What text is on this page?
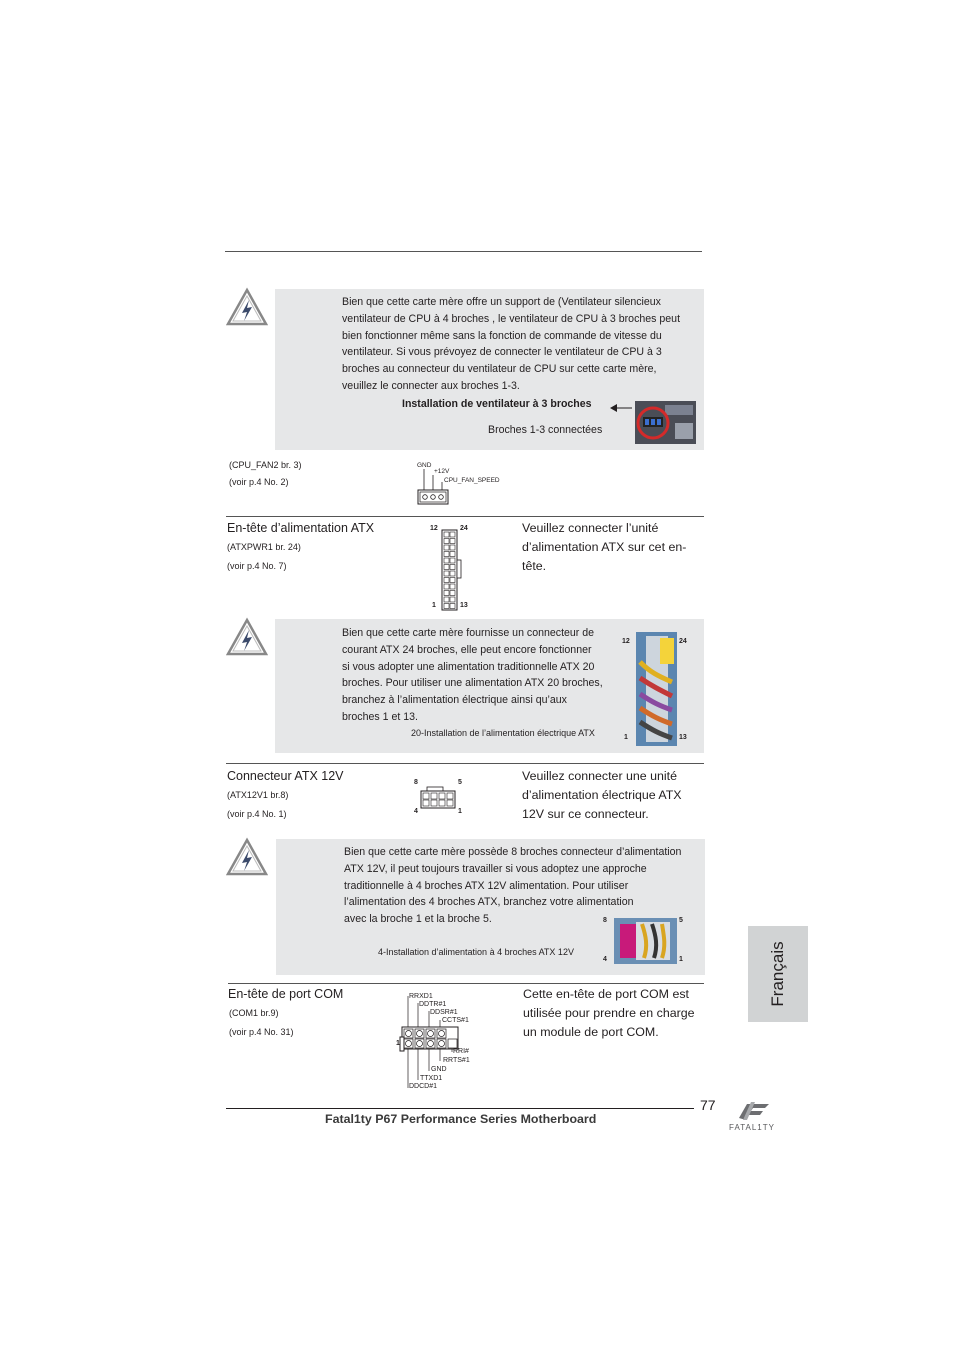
Bien que cette carte mère offre un support de (Ventilateur silencieux
ventilateur de CPU à 4 broches , le ventilateur de CPU à 3 broches peut
bien fonctionner même sans la fonction de commande de vitesse du
ventilateur. Si vous prévoyez de connecter le ventilateur de CPU à 3
broches au connecteur du ventilateur de CPU sur cette carte mère,
veuillez le connecter aux broches 1-3.
Installation de ventilateur à 3 broches
Broches 1-3 connectées
(CPU_FAN2 br. 3)
(voir p.4 No. 2)
GND
+12V
CPU_FAN_SPEED
En-tête d’alimentation ATX
(ATXPWR1 br. 24)
(voir p.4 No. 7)
12	24
1	13
Veuillez connecter l’unité
d’alimentation ATX sur cet en-
tête.
Bien que cette carte mère fournisse un connecteur de
courant ATX 24 broches, elle peut encore fonctionner
si vous adopter une alimentation traditionnelle ATX 20
broches. Pour utiliser une alimentation ATX 20 broches,
branchez à l’alimentation électrique ainsi qu’aux
broches 1 et 13.
20-Installation de l’alimentation électrique ATX
12	24
1	13
Connecteur ATX 12V
(ATX12V1 br.8)
(voir p.4 No. 1)
8	5
4	1
Veuillez connecter une unité
d’alimentation électrique ATX
12V sur ce connecteur.
Bien que cette carte mère possède 8 broches connecteur d’alimentation
ATX 12V, il peut toujours travailler si vous adoptez une approche
traditionnelle à 4 broches ATX 12V alimentation. Pour utiliser
l’alimentation des 4 broches ATX, branchez votre alimentation
avec la broche 1 et la broche 5.
4-Installation d’alimentation à 4 broches ATX 12V
8	5
4	1
En-tête de port COM
(COM1 br.9)
(voir p.4 No. 31)
Cette en-tête de port COM est
utilisée pour prendre en charge
un module de port COM.
RRXD1
DDTR#1
DDSR#1
CCTS#1
RRI#
RRTS#1
GND
TTXD1
DDCD#1
1
77
Fatal1ty P67 Performance Series Motherboard
FATAL1TY
Français
